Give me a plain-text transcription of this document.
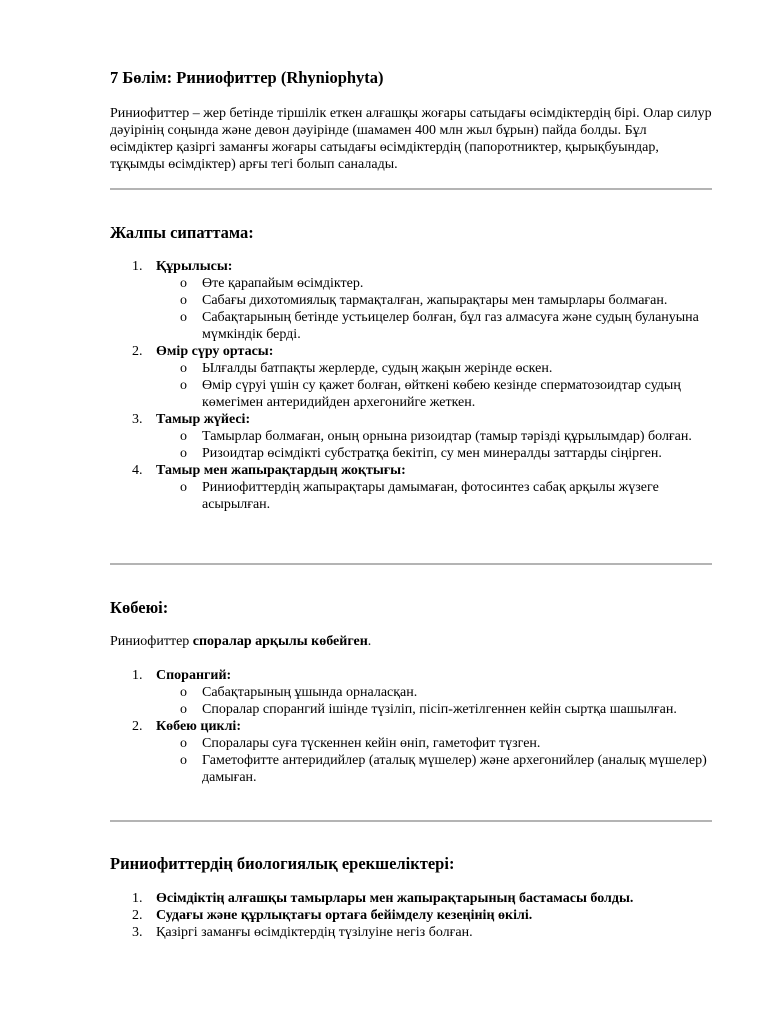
7 Бөлім: Риниофиттер (Rhyniophyta)

Риниофиттер – жер бетінде тіршілік еткен алғашқы жоғары сатыдағы өсімдіктердің бірі. Олар силур дәуірінің соңында және девон дәуірінде (шамамен 400 млн жыл бұрын) пайда болды. Бұл өсімдіктер қазіргі заманғы жоғары сатыдағы өсімдіктердің (папоротниктер, қырықбуындар, тұқымды өсімдіктер) арғы тегі болып саналады.

Жалпы сипаттама:
1. Құрылысы:
o Өте қарапайым өсімдіктер.
o Сабағы дихотомиялық тармақталған, жапырақтары мен тамырлары болмаған.
o Сабақтарының бетінде устьицелер болған, бұл газ алмасуға және судың булануына мүмкіндік берді.
2. Өмір сүру ортасы:
o Ылғалды батпақты жерлерде, судың жақын жерінде өскен.
o Өмір сүруі үшін су қажет болған, өйткені көбею кезінде сперматозоидтар судың көмегімен антеридийден архегонийге жеткен.
3. Тамыр жүйесі:
o Тамырлар болмаған, оның орнына ризоидтар (тамыр тәрізді құрылымдар) болған.
o Ризоидтар өсімдікті субстратқа бекітіп, су мен минералды заттарды сіңірген.
4. Тамыр мен жапырақтардың жоқтығы:
o Риниофиттердің жапырақтары дамымаған, фотосинтез сабақ арқылы жүзеге асырылған.
Көбеюі:

Риниофиттер споралар арқылы көбейген.

1. Спорангий:
o Сабақтарының ұшында орналасқан.
o Споралар спорангий ішінде түзіліп, пісіп-жетілгеннен кейін сыртқа шашылған.
2. Көбею циклі:
o Споралары суға түскеннен кейін өніп, гаметофит түзген.
o Гаметофитте антеридийлер (аталық мүшелер) және архегонийлер (аналық мүшелер) дамыған.
Риниофиттердің биологиялық ерекшеліктері:
1. Өсімдіктің алғашқы тамырлары мен жапырақтарының бастамасы болды.
2. Судағы және құрлықтағы ортаға бейімделу кезеңінің өкілі.
3. Қазіргі заманғы өсімдіктердің түзілуіне негіз болған.
